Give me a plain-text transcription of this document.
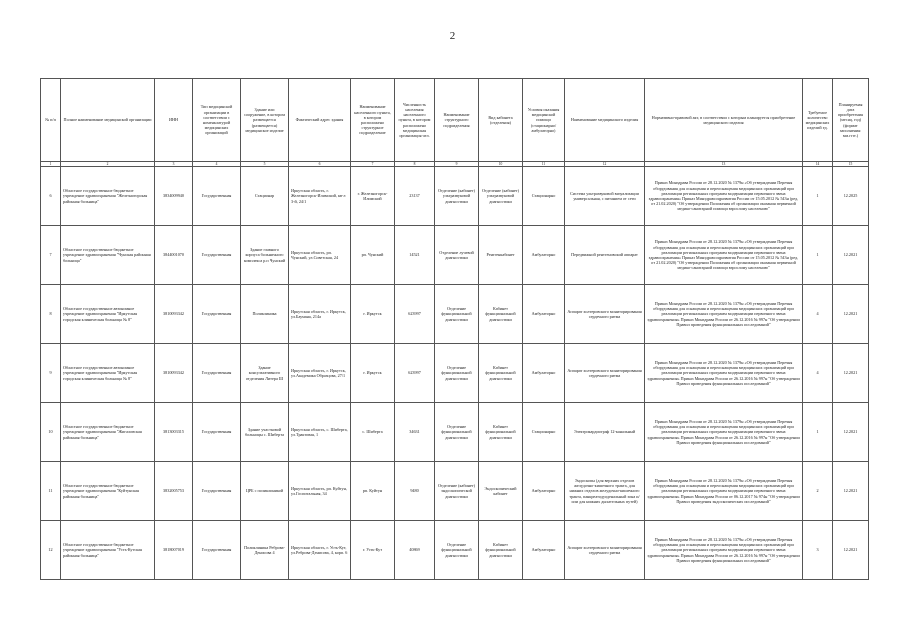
2
№ п/п	Полное наименование медицинской организации	ИНН	Тип медицинской организации в соответствии с номенклатурой медицинских организаций	Здание или сооружение, в котором размещается (размещается) медицинское изделие	Фактический адрес здания	Наименование населенного пункта, в котором расположено структурное подразделение	Численность населения населенного пункта, в котором расположено медицинская организация чел.	Наименование структурного подразделения	Вид кабинета (отделения)	Условия оказания медицинской помощи (стационарно/амбулаторно)	Наименование медицинского изделия	Нормативно-правовой акт, в соответствии с которым планируется приобретение медицинского изделия	Требуемое количество медицинских изделий ед.	Планируемая дата приобретения (месяц, год) (формат заполнения: мм.гггг.)
1	2	3	4	5	6	7	8	9	10	11	12	13	14	15
6	Областное государственное бюджетное учреждение здравоохранения "Железногорская районная больница"	3834009940	Государственная	Стационар	Иркутская область, г. Железногорск-Илимский, кв-л 3-й, 24/1	г. Железногорск-Илимский	23137	Отделение (кабинет) ультразвуковой диагностики	Отделение (кабинет) ультразвуковой диагностики	Стационарно	Система ультразвуковой визуализации универсальная, с питанием от сети	Приказ Минздрава России от 28.12.2020 № 1379н «Об утверждении Перечня оборудования для оснащения и переоснащения медицинских организаций при реализации региональных программ модернизации первичного звена здравоохранения» Приказ Минздравсоцразвития России от 15.05.2012 № 543н (ред. от 21.02.2020) "Об утверждении Положения об организации оказания первичной медико-санитарной помощи взрослому населению"	1	12.2025
7	Областное государственное бюджетное учреждение здравоохранения "Чунская районная больница"	3844001070	Государственная	Здание главного корпуса больничного комплекса р.п Чунский	Иркутская область, рп. Чунский, ул.Советская, 24	рп. Чунский	14521	Отделение лучевой диагностики	Рентгенкабинет	Амбулаторно	Передвижной рентгеновский аппарат	Приказ Минздрава России от 28.12.2020 № 1379н «Об утверждении Перечня оборудования для оснащения и переоснащения медицинских организаций при реализации региональных программ модернизации первичного звена здравоохранения» Приказ Минздравсоцразвития России от 15.05.2012 № 543н (ред. от 21.02.2020) "Об утверждении Положения об организации оказания первичной медико-санитарной помощи взрослому населению"	1	12.2021
8	Областное государственное автономное учреждение здравоохранения "Иркутская городская клиническая больница № 8"	3810093342	Государственная	Поликлиника	Иркутская область, г. Иркутск, ул.Баумана, 214а	г. Иркутск	623997	Отделение функциональной диагностики	Кабинет функциональной диагностики	Амбулаторно	Аппарат холтеровского мониторирования сердечного ритма	Приказ Минздрава России от 28.12.2020 № 1379н «Об утверждении Перечня оборудования для оснащения и переоснащения медицинских организаций при реализации региональных программ модернизации первичного звена здравоохранения» Приказ Минздрава России от 26.12.2016 № 997н "Об утверждении Правил проведения функциональных исследований"	4	12.2021
9	Областное государственное автономное учреждение здравоохранения "Иркутская городская клиническая больница № 8"	3810093342	Государственная	Здание консультативного отделения Литера Ш	Иркутская область, г. Иркутск, ул.Академика Образцова, 27/1	г. Иркутск	623997	Отделение функциональной диагностики	Кабинет функциональной диагностики	Амбулаторно	Аппарат холтеровского мониторирования сердечного ритма	Приказ Минздрава России от 28.12.2020 № 1379н «Об утверждении Перечня оборудования для оснащения и переоснащения медицинских организаций при реализации региональных программ модернизации первичного звена здравоохранения» Приказ Минздрава России от 26.12.2016 № 997н "Об утверждении Правил проведения функциональных исследований"	4	12.2021
10	Областное государственное бюджетное учреждение здравоохранения "Жигаловская районная больница"	3813003315	Государственная	Здание участковой больницы с. Шиберта	Иркутская область, с. Шиберта, ул.Трактовая, 1	с. Шиберта	34631	Отделение функциональной диагностики	Кабинет функциональной диагностики	Стационарно	Электрокардиограф 12-канальный	Приказ Минздрава России от 28.12.2020 № 1379н «Об утверждении Перечня оборудования для оснащения и переоснащения медицинских организаций при реализации региональных программ модернизации первичного звена здравоохранения» Приказ Минздрава России от 26.12.2016 № 997н "Об утверждении Правил проведения функциональных исследований"	1	12.2021
11	Областное государственное бюджетное учреждение здравоохранения "Куйтунская районная больница"	3832005753	Государственная	ЦРБ с поликлиникой	Иркутская область, рп. Куйтун, ул.Госпитальная, 34	рп. Куйтун	9480	Отделение (кабинет) эндоскопической диагностики	Эндоскопический кабинет	Амбулаторно	Эндоскопы (для верхних отделов желудочно-кишечного тракта, для нижних отделов желудочно-кишечного тракта, панкреатодуоденальный зона и/или для нижних дыхательных путей)	Приказ Минздрава России от 28.12.2020 № 1379н «Об утверждении Перечня оборудования для оснащения и переоснащения медицинских организаций при реализации региональных программ модернизации первичного звена здравоохранения» Приказ Минздрава России от 06.12.2017 № 974н "Об утверждении Правил проведения эндоскопических исследований"	2	12.2021
12	Областное государственное бюджетное учреждение здравоохранения "Усть-Кутская районная больница"	3818007019	Государственная	Поликлиника Реброва-Денисова 4	Иркутская область, г. Усть-Кут, ул.Реброва-Денисова, 4, корп. 6	г. Усть-Кут	40869	Отделение функциональной диагностики	Кабинет функциональной диагностики	Амбулаторно	Аппарат холтеровского мониторирования сердечного ритма	Приказ Минздрава России от 28.12.2020 № 1379н «Об утверждении Перечня оборудования для оснащения и переоснащения медицинских организаций при реализации региональных программ модернизации первичного звена здравоохранения» Приказ Минздрава России от 26.12.2016 № 997н "Об утверждении Правил проведения функциональных исследований"	3	12.2021
